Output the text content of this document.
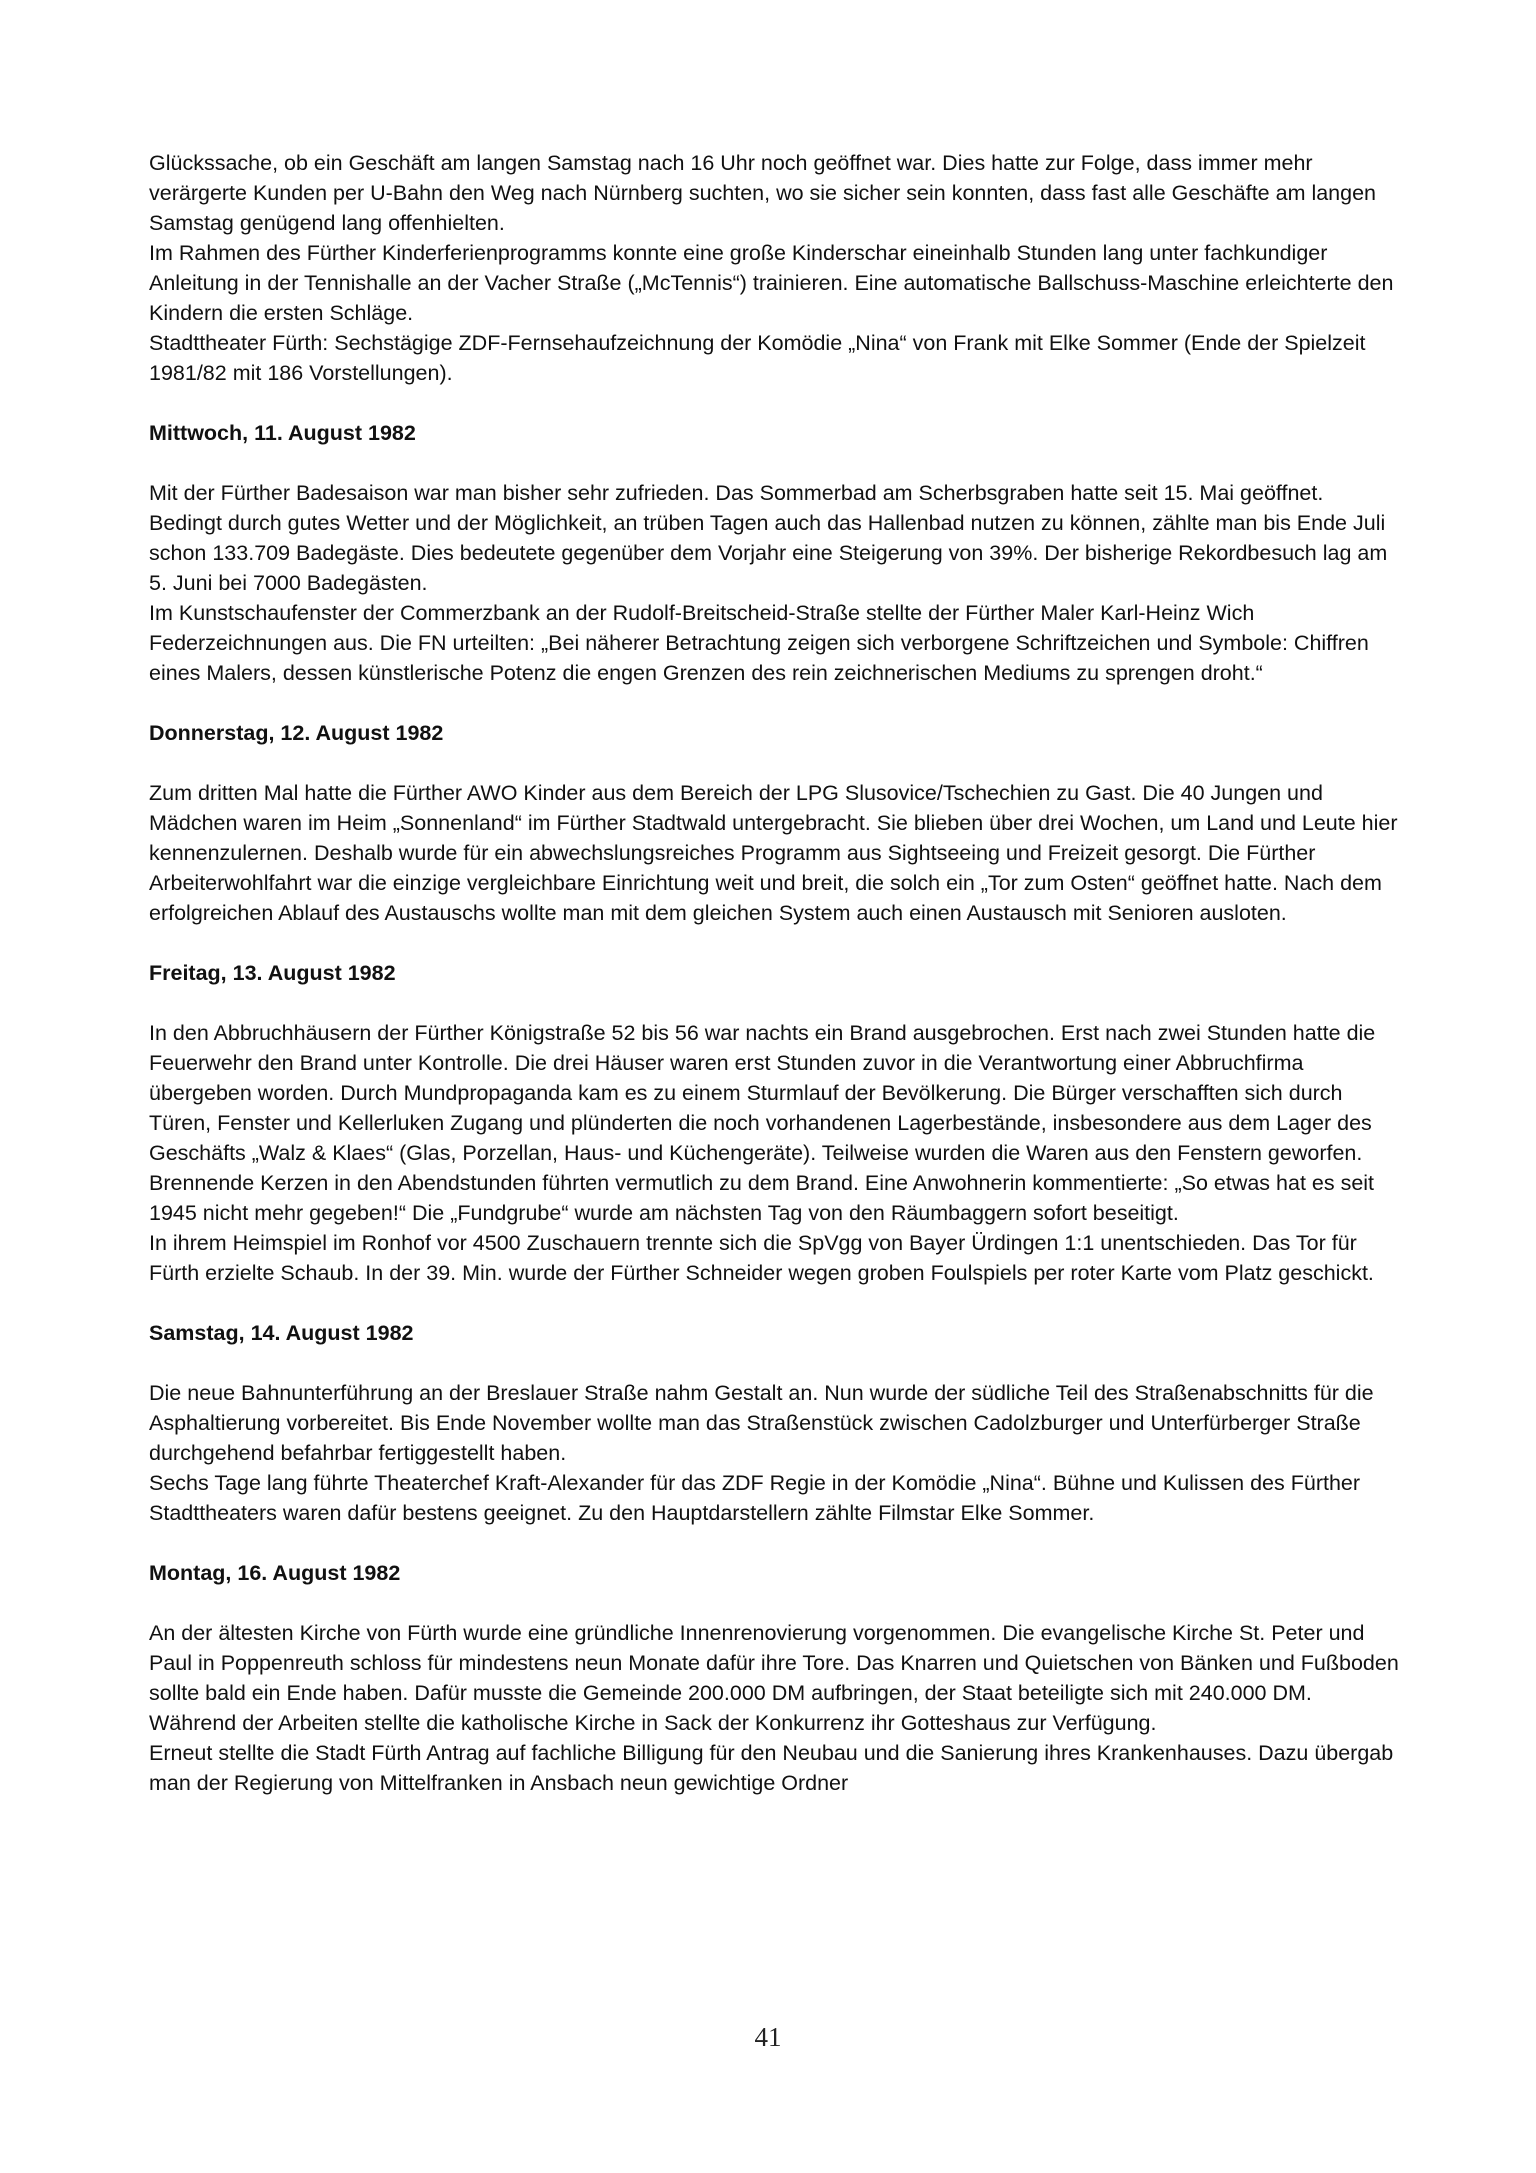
Glückssache, ob ein Geschäft am langen Samstag nach 16 Uhr noch geöffnet war. Dies hatte zur Folge, dass immer mehr verärgerte Kunden per U-Bahn den Weg nach Nürnberg suchten, wo sie sicher sein konnten, dass fast alle Geschäfte am langen Samstag genügend lang offenhielten.

Im Rahmen des Fürther Kinderferienprogramms konnte eine große Kinderschar eineinhalb Stunden lang unter fachkundiger Anleitung in der Tennishalle an der Vacher Straße („McTennis“) trainieren. Eine automatische Ballschuss-Maschine erleichterte den Kindern die ersten Schläge.

Stadttheater Fürth: Sechstägige ZDF-Fernsehaufzeichnung der Komödie „Nina“ von Frank mit Elke Sommer (Ende der Spielzeit 1981/82 mit 186 Vorstellungen).

Mittwoch, 11. August 1982

Mit der Fürther Badesaison war man bisher sehr zufrieden. Das Sommerbad am Scherbsgraben hatte seit 15. Mai geöffnet. Bedingt durch gutes Wetter und der Möglichkeit, an trüben Tagen auch das Hallenbad nutzen zu können, zählte man bis Ende Juli schon 133.709 Badegäste. Dies bedeutete gegenüber dem Vorjahr eine Steigerung von 39%. Der bisherige Rekordbesuch lag am 5. Juni bei 7000 Badegästen.

Im Kunstschaufenster der Commerzbank an der Rudolf-Breitscheid-Straße stellte der Fürther Maler Karl-Heinz Wich Federzeichnungen aus. Die FN urteilten: „Bei näherer Betrachtung zeigen sich verborgene Schriftzeichen und Symbole: Chiffren eines Malers, dessen künstlerische Potenz die engen Grenzen des rein zeichnerischen Mediums zu sprengen droht.“

Donnerstag, 12. August 1982

Zum dritten Mal hatte die Fürther AWO Kinder aus dem Bereich der LPG Slusovice/Tschechien zu Gast. Die 40 Jungen und Mädchen waren im Heim „Sonnenland“ im Fürther Stadtwald untergebracht. Sie blieben über drei Wochen, um Land und Leute hier kennenzulernen. Deshalb wurde für ein abwechslungsreiches Programm aus Sightseeing und Freizeit gesorgt. Die Fürther Arbeiterwohlfahrt war die einzige vergleichbare Einrichtung weit und breit, die solch ein „Tor zum Osten“ geöffnet hatte. Nach dem erfolgreichen Ablauf des Austauschs wollte man mit dem gleichen System auch einen Austausch mit Senioren ausloten.

Freitag, 13. August 1982

In den Abbruchhäusern der Fürther Königstraße 52 bis 56 war nachts ein Brand ausgebrochen. Erst nach zwei Stunden hatte die Feuerwehr den Brand unter Kontrolle. Die drei Häuser waren erst Stunden zuvor in die Verantwortung einer Abbruchfirma übergeben worden. Durch Mundpropaganda kam es zu einem Sturmlauf der Bevölkerung. Die Bürger verschafften sich durch Türen, Fenster und Kellerluken Zugang und plünderten die noch vorhandenen Lagerbestände, insbesondere aus dem Lager des Geschäfts „Walz & Klaes“ (Glas, Porzellan, Haus- und Küchengeräte). Teilweise wurden die Waren aus den Fenstern geworfen. Brennende Kerzen in den Abendstunden führten vermutlich zu dem Brand. Eine Anwohnerin kommentierte: „So etwas hat es seit 1945 nicht mehr gegeben!“ Die „Fundgrube“ wurde am nächsten Tag von den Räumbaggern sofort beseitigt.

In ihrem Heimspiel im Ronhof vor 4500 Zuschauern trennte sich die SpVgg von Bayer Ürdingen 1:1 unentschieden. Das Tor für Fürth erzielte Schaub. In der 39. Min. wurde der Fürther Schneider wegen groben Foulspiels per roter Karte vom Platz geschickt.

Samstag, 14. August 1982

Die neue Bahnunterführung an der Breslauer Straße nahm Gestalt an. Nun wurde der südliche Teil des Straßenabschnitts für die Asphaltierung vorbereitet. Bis Ende November wollte man das Straßenstück zwischen Cadolzburger und Unterfürberger Straße durchgehend befahrbar fertiggestellt haben.

Sechs Tage lang führte Theaterchef Kraft-Alexander für das ZDF Regie in der Komödie „Nina“. Bühne und Kulissen des Fürther Stadttheaters waren dafür bestens geeignet. Zu den Hauptdarstellern zählte Filmstar Elke Sommer.

Montag, 16. August 1982

An der ältesten Kirche von Fürth wurde eine gründliche Innenrenovierung vorgenommen. Die evangelische Kirche St. Peter und Paul in Poppenreuth schloss für mindestens neun Monate dafür ihre Tore. Das Knarren und Quietschen von Bänken und Fußboden sollte bald ein Ende haben. Dafür musste die Gemeinde 200.000 DM aufbringen, der Staat beteiligte sich mit 240.000 DM. Während der Arbeiten stellte die katholische Kirche in Sack der Konkurrenz ihr Gotteshaus zur Verfügung.

Erneut stellte die Stadt Fürth Antrag auf fachliche Billigung für den Neubau und die Sanierung ihres Krankenhauses. Dazu übergab man der Regierung von Mittelfranken in Ansbach neun gewichtige Ordner

41
